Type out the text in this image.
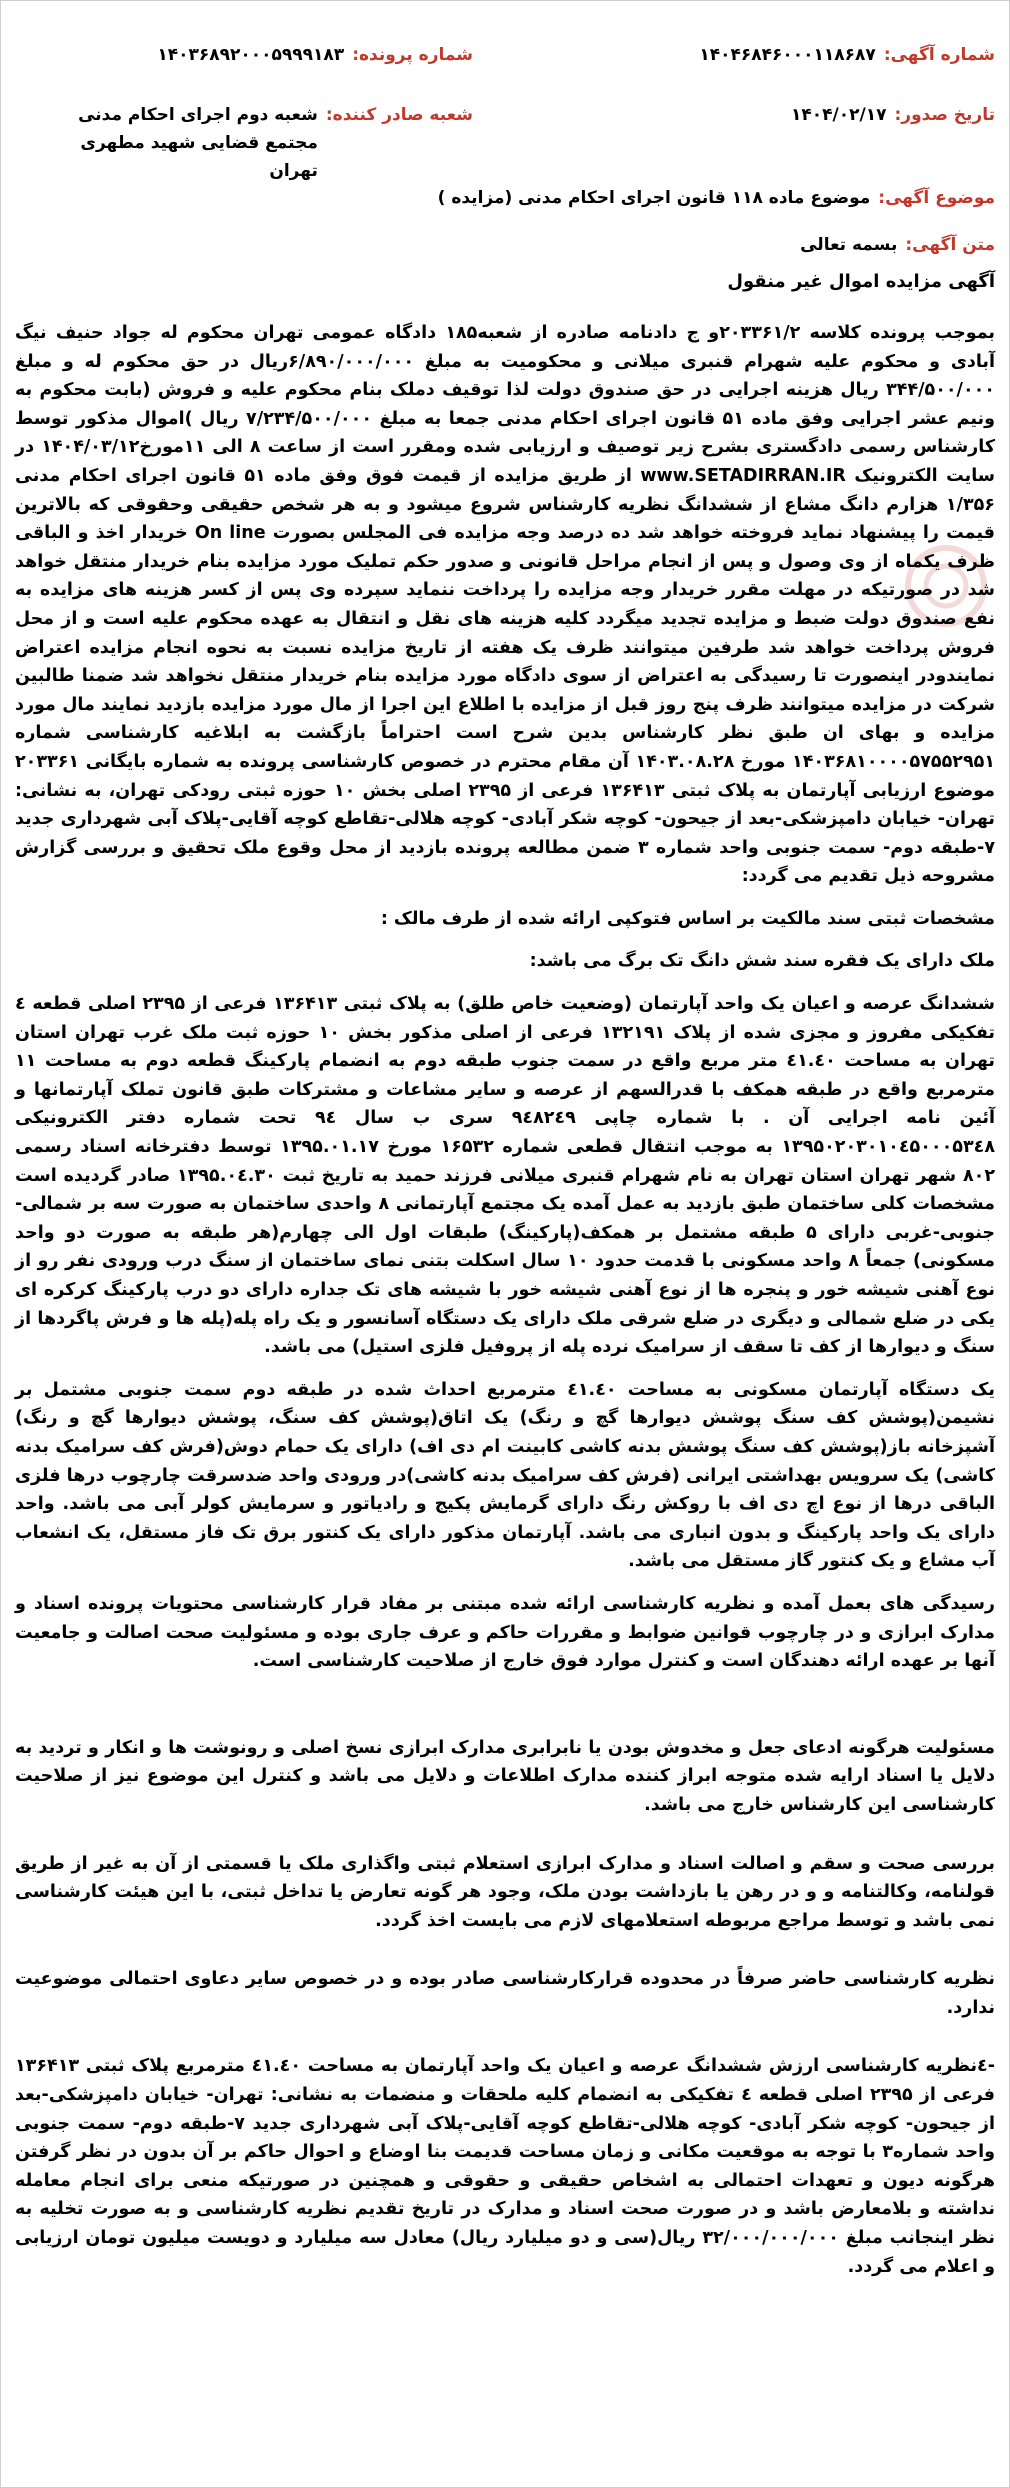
شماره آگهی:
۱۴۰۴۶۸۴۶۰۰۰۱۱۸۶۸۷
شماره پرونده:
۱۴۰۳۶۸۹۲۰۰۰۵۹۹۹۱۸۳
تاریخ صدور:
۱۴۰۴/۰۲/۱۷
شعبه صادر کننده:
شعبه دوم اجرای احکام مدنی مجتمع قضایی شهید مطهری تهران
موضوع آگهی:
موضوع ماده ۱۱۸ قانون اجرای احکام مدنی (مزایده )
متن آگهی:
بسمه تعالی
آگهی مزایده اموال غیر منقول

بموجب پرونده کلاسه ۲۰۳۳۶۱/۲و ج دادنامه صادره از شعبه۱۸۵ دادگاه عمومی تهران محکوم له جواد حنیف نیگ آبادی و محکوم علیه شهرام قنبری میلانی و محکومیت به مبلغ ۶/۸۹۰/۰۰۰/۰۰۰ریال در حق محکوم له و مبلغ ۳۴۴/۵۰۰/۰۰۰ ریال هزینه اجرایی در حق صندوق دولت لذا توقیف دملک بنام محکوم علیه و فروش (بابت محکوم به ونیم عشر اجرایی وفق ماده ۵۱ قانون اجرای احکام مدنی جمعا به مبلغ ۷/۲۳۴/۵۰۰/۰۰۰ ریال )اموال مذکور توسط کارشناس رسمی دادگستری بشرح زیر توصیف و ارزیابی شده ومقرر است از ساعت ۸ الی ۱۱مورخ۱۴۰۴/۰۳/۱۲ در سایت الکترونیک www.SETADIRRAN.IR از طریق مزایده از قیمت فوق وفق ماده ۵۱ قانون اجرای احکام مدنی ۱/۳۵۶ هزارم دانگ مشاع از ششدانگ نظریه کارشناس شروع میشود و به هر شخص حقیقی وحقوقی که بالاترین قیمت را پیشنهاد نماید فروخته خواهد شد ده درصد وجه مزایده فی المجلس بصورت On line خریدار اخذ و الباقی ظرف یکماه از وی وصول و پس از انجام مراحل قانونی و صدور حکم تملیک مورد مزایده بنام خریدار منتقل خواهد شد در صورتیکه در مهلت مقرر خریدار وجه مزایده را پرداخت ننماید سپرده وی پس از کسر هزینه های مزایده به نفع صندوق دولت ضبط و مزایده تجدید میگردد کلیه هزینه های نقل و انتقال به عهده محکوم علیه است و از محل فروش پرداخت خواهد شد طرفین میتوانند ظرف یک هفته از تاریخ مزایده نسبت به نحوه انجام مزایده اعتراض نمایندودر اینصورت تا رسیدگی به اعتراض از سوی دادگاه مورد مزایده بنام خریدار منتقل نخواهد شد ضمنا طالبین شرکت در مزایده میتوانند ظرف پنج روز قبل از مزایده با اطلاع این اجرا از مال مورد مزایده بازدید نمایند مال مورد مزایده و بهای ان طبق نظر کارشناس بدین شرح است احتراماً بازگشت به ابلاغیه کارشناسی شماره ۱۴۰۳۶۸۱۰۰۰۰۵۷۵۵۲۹۵۱ مورخ ۱۴۰۳.۰۸.۲۸ آن مقام محترم در خصوص کارشناسی پرونده به شماره بایگانی ۲۰۳۳۶۱ موضوع ارزیابی آپارتمان به پلاک ثبتی ۱۳۶۴۱۳ فرعی از ۲۳۹۵ اصلی بخش ۱۰ حوزه ثبتی رودکی تهران، به نشانی: تهران- خیابان دامپزشکی-بعد از جیحون- کوچه شکر آبادی- کوچه هلالی-تقاطع کوچه آقایی-پلاک آبی شهرداری جدید ۷-طبقه دوم- سمت جنوبی واحد شماره ۳ ضمن مطالعه پرونده بازدید از محل وقوع ملک تحقیق و بررسی گزارش مشروحه ذیل تقدیم می گردد:

مشخصات ثبتی سند مالکیت بر اساس فتوکپی ارائه شده از طرف مالک :

ملک دارای یک فقره سند شش دانگ تک برگ می باشد:

ششدانگ عرصه و اعیان یک واحد آپارتمان (وضعیت خاص طلق) به پلاک ثبتی ۱۳۶۴۱۳ فرعی از ۲۳۹۵ اصلی قطعه ٤ تفکیکی مفروز و مجزی شده از پلاک ۱۳۲۱۹۱ فرعی از اصلی مذکور بخش ۱۰ حوزه ثبت ملک غرب تهران استان تهران به مساحت ٤۱.٤۰ متر مربع واقع در سمت جنوب طبقه دوم به انضمام پارکینگ قطعه دوم به مساحت ۱۱ مترمربع واقع در طبقه همکف با قدرالسهم از عرصه و سایر مشاعات و مشترکات طبق قانون تملک آپارتمانها و آئین نامه اجرایی آن . با شماره چاپی ۹٤۸۲٤۹ سری ب سال ۹٤ تحت شماره دفتر الکترونیکی ۱۳۹۵۰۲۰۳۰۱۰٤۵۰۰۰۵۳٤۸ به موجب انتقال قطعی شماره ۱۶۵۳۲ مورخ ۱۳۹۵.۰۱.۱۷ توسط دفترخانه اسناد رسمی ۸۰۲ شهر تهران استان تهران به نام شهرام قنبری میلانی فرزند حمید به تاریخ ثبت ۱۳۹۵.۰٤.۳۰ صادر گردیده است مشخصات کلی ساختمان طبق بازدید به عمل آمده یک مجتمع آپارتمانی ۸ واحدی ساختمان به صورت سه بر شمالی-جنوبی-غربی دارای ۵ طبقه مشتمل بر همکف(پارکینگ) طبقات اول الی چهارم(هر طبقه به صورت دو واحد مسکونی) جمعاً ۸ واحد مسکونی با قدمت حدود ۱۰ سال اسکلت بتنی نمای ساختمان از سنگ درب ورودی نفر رو از نوع آهنی شیشه خور و پنجره ها از نوع آهنی شیشه خور با شیشه های تک جداره دارای دو درب پارکینگ کرکره ای یکی در ضلع شمالی و دیگری در ضلع شرقی ملک دارای یک دستگاه آسانسور و یک راه پله(پله ها و فرش پاگردها از سنگ و دیوارها از کف تا سقف از سرامیک نرده پله از پروفیل فلزی استیل) می باشد.

یک دستگاه آپارتمان مسکونی به مساحت ٤۱.٤۰ مترمربع احداث شده در طبقه دوم سمت جنوبی مشتمل بر نشیمن(پوشش کف سنگ پوشش دیوارها گچ و رنگ) یک اتاق(پوشش کف سنگ، پوشش دیوارها گچ و رنگ) آشپزخانه باز(پوشش کف سنگ پوشش بدنه کاشی کابینت ام دی اف) دارای یک حمام دوش(فرش کف سرامیک بدنه کاشی) یک سرویس بهداشتی ایرانی (فرش کف سرامیک بدنه کاشی)در ورودی واحد ضدسرقت چارچوب درها فلزی الباقی درها از نوع اچ دی اف با روکش رنگ دارای گرمایش پکیج و رادیاتور و سرمایش کولر آبی می باشد. واحد دارای یک واحد پارکینگ و بدون انباری می باشد. آپارتمان مذکور دارای یک کنتور برق تک فاز مستقل، یک انشعاب آب مشاع و یک کنتور گاز مستقل می باشد.

رسیدگی های بعمل آمده و نظریه کارشناسی ارائه شده مبتنی بر مفاد قرار کارشناسی محتویات پرونده اسناد و مدارک ابرازی و در چارچوب قوانین ضوابط و مقررات حاکم و عرف جاری بوده و مسئولیت صحت اصالت و جامعیت آنها بر عهده ارائه دهندگان است و کنترل موارد فوق خارج از صلاحیت کارشناسی است.

مسئولیت هرگونه ادعای جعل و مخدوش بودن یا نابرابری مدارک ابرازی نسخ اصلی و رونوشت ها و انکار و تردید به دلایل یا اسناد ارایه شده متوجه ابراز کننده مدارک اطلاعات و دلایل می باشد و کنترل این موضوع نیز از صلاحیت کارشناسی این کارشناس خارج می باشد.

بررسی صحت و سقم و اصالت اسناد و مدارک ابرازی استعلام ثبتی واگذاری ملک یا قسمتی از آن به غیر از طریق قولنامه، وکالتنامه و و در رهن یا بازداشت بودن ملک، وجود هر گونه تعارض یا تداخل ثبتی، با این هیئت کارشناسی نمی باشد و توسط مراجع مربوطه استعلامهای لازم می بایست اخذ گردد.

نظریه کارشناسی حاضر صرفاً در محدوده قرارکارشناسی صادر بوده و در خصوص سایر دعاوی احتمالی موضوعیت ندارد.

-٤نظریه کارشناسی ارزش ششدانگ عرصه و اعیان یک واحد آپارتمان به مساحت ٤۱.٤۰ مترمربع پلاک ثبتی ۱۳۶۴۱۳ فرعی از ۲۳۹۵ اصلی قطعه ٤ تفکیکی به انضمام کلیه ملحقات و منضمات به نشانی: تهران- خیابان دامپزشکی-بعد از جیحون- کوچه شکر آبادی- کوچه هلالی-تقاطع کوچه آقایی-پلاک آبی شهرداری جدید ۷-طبقه دوم- سمت جنوبی واحد شماره۳ با توجه به موقعیت مکانی و زمان مساحت قدیمت بنا اوضاع و احوال حاکم بر آن بدون در نظر گرفتن هرگونه دیون و تعهدات احتمالی به اشخاص حقیقی و حقوقی و همچنین در صورتیکه منعی برای انجام معامله نداشته و بلامعارض باشد و در صورت صحت اسناد و مدارک در تاریخ تقدیم نظریه کارشناسی و به صورت تخلیه به نظر اینجانب مبلغ ۳۲/۰۰۰/۰۰۰/۰۰۰ ریال(سی و دو میلیارد ریال) معادل سه میلیارد و دویست میلیون تومان ارزیابی و اعلام می گردد.
